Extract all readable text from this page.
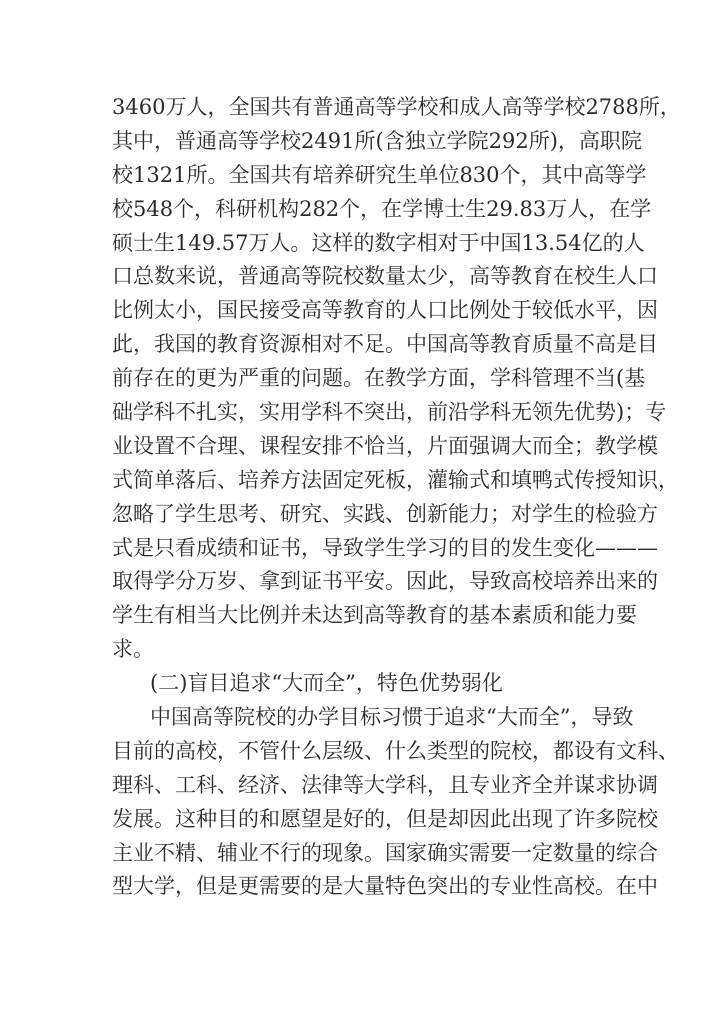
3460万人，全国共有普通高等学校和成人高等学校2788所，
其中，普通高等学校2491所(含独立学院292所)，高职院
校1321所。全国共有培养研究生单位830个，其中高等学
校548个，科研机构282个，在学博士生29.83万人，在学
硕士生149.57万人。这样的数字相对于中国13.54亿的人
口总数来说，普通高等院校数量太少，高等教育在校生人口
比例太小，国民接受高等教育的人口比例处于较低水平，因
此，我国的教育资源相对不足。中国高等教育质量不高是目
前存在的更为严重的问题。在教学方面，学科管理不当(基
础学科不扎实，实用学科不突出，前沿学科无领先优势)；专
业设置不合理、课程安排不恰当，片面强调大而全；教学模
式简单落后、培养方法固定死板，灌输式和填鸭式传授知识，
忽略了学生思考、研究、实践、创新能力；对学生的检验方
式是只看成绩和证书，导致学生学习的目的发生变化———
取得学分万岁、拿到证书平安。因此，导致高校培养出来的
学生有相当大比例并未达到高等教育的基本素质和能力要
求。
(二)盲目追求“大而全”，特色优势弱化
中国高等院校的办学目标习惯于追求“大而全”，导致
目前的高校，不管什么层级、什么类型的院校，都设有文科、
理科、工科、经济、法律等大学科，且专业齐全并谋求协调
发展。这种目的和愿望是好的，但是却因此出现了许多院校
主业不精、辅业不行的现象。国家确实需要一定数量的综合
型大学，但是更需要的是大量特色突出的专业性高校。在中
